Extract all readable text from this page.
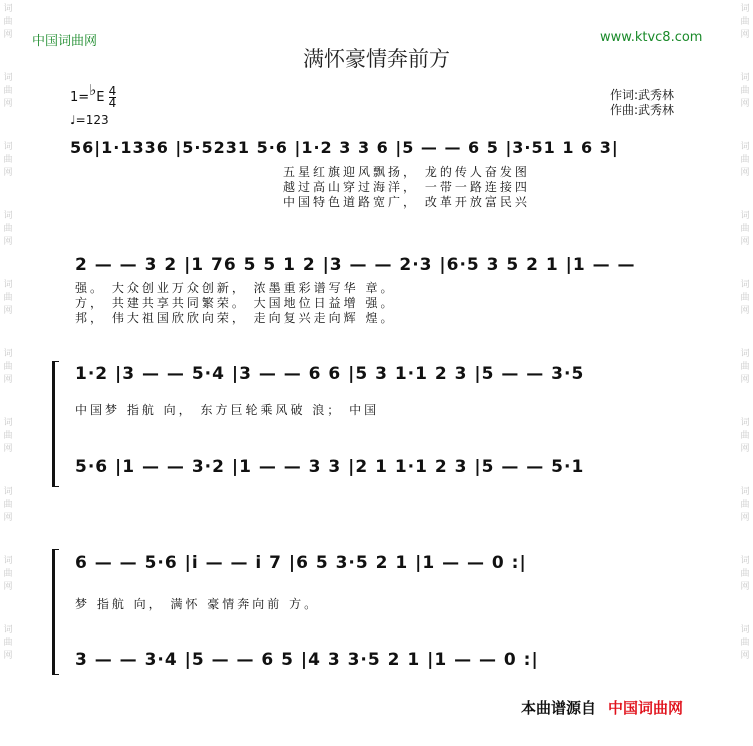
词
曲
网
词
曲
网
词
曲
网
词
曲
网
词
曲
网
词
曲
网
词
曲
网
词
曲
网
词
曲
网
词
曲
网
词
曲
网
词
曲
网
词
曲
网
词
曲
网
词
曲
网
词
曲
网
词
曲
网
词
曲
网
词
曲
网
词
曲
网
中国词曲网	www.ktvc8.com
满怀豪情奔前方
1=♭E $\frac{4}{4}$
♩=123
作词:武秀林
作曲:武秀林
56|1·1336 |5·5231 5·6 |1·2 3 3 6 |5 — — 6 5 |3·51 1 6 3|
五星红旗迎风飘扬， 龙的传人奋发图
越过高山穿过海洋， 一带一路连接四
中国特色道路宽广， 改革开放富民兴
2 — — 3 2 |1 76 5 5 1 2 |3 — — 2·3 |6·5 3 5 2 1 |1 — —
强。 大众创业万众创新， 浓墨重彩谱写华 章。
方， 共建共享共同繁荣。 大国地位日益增 强。
邦， 伟大祖国欣欣向荣， 走向复兴走向辉 煌。
1·2 |3 — — 5·4 |3 — — 6 6 |5 3 1·1 2 3 |5 — — 3·5
中国梦 指航 向， 东方巨轮乘风破 浪； 中国
5·6 |1 — — 3·2 |1 — — 3 3 |2 1 1·1 2 3 |5 — — 5·1
6 — — 5·6 |i — — i 7 |6 5 3·5 2 1 |1 — — 0 :|
梦 指航 向， 满怀 豪情奔向前 方。
3 — — 3·4 |5 — — 6 5 |4 3 3·5 2 1 |1 — — 0 :|
本曲谱源自 中国词曲网
